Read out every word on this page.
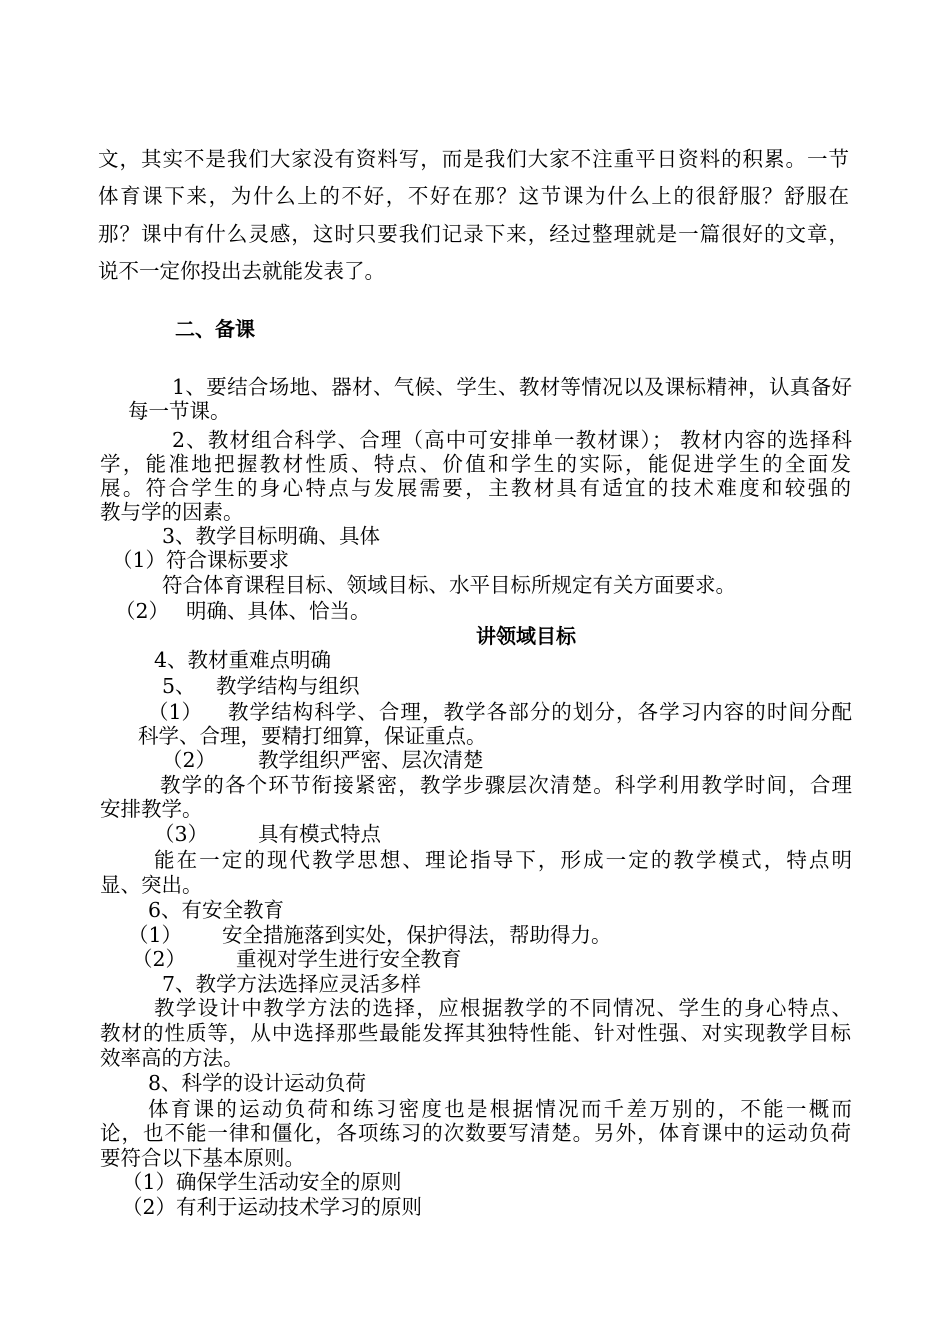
文，其实不是我们大家没有资料写，而是我们大家不注重平日资料的积累。一节
体育课下来，为什么上的不好，不好在那？这节课为什么上的很舒服？舒服在
那？课中有什么灵感，这时只要我们记录下来，经过整理就是一篇很好的文章，
说不一定你投出去就能发表了。
二、备课
1、要结合场地、器材、气候、学生、教材等情况以及课标精神，认真备好
每一节课。
2、教材组合科学、合理（高中可安排单一教材课）； 教材内容的选择科
学，能准地把握教材性质、特点、价值和学生的实际，能促进学生的全面发
展。符合学生的身心特点与发展需要，主教材具有适宜的技术难度和较强的
教与学的因素。
3、教学目标明确、具体
（1）符合课标要求
符合体育课程目标、领域目标、水平目标所规定有关方面要求。
（2） 明确、具体、恰当。
讲领域目标
4、教材重难点明确
5、 教学结构与组织
（1） 教学结构科学、合理，教学各部分的划分，各学习内容的时间分配
科学、合理，要精打细算，保证重点。
（2） 教学组织严密、层次清楚
教学的各个环节衔接紧密，教学步骤层次清楚。科学利用教学时间，合理
安排教学。
（3） 具有模式特点
能在一定的现代教学思想、理论指导下，形成一定的教学模式，特点明
显、突出。
6、有安全教育
（1） 安全措施落到实处，保护得法，帮助得力。
（2） 重视对学生进行安全教育
7、教学方法选择应灵活多样
教学设计中教学方法的选择，应根据教学的不同情况、学生的身心特点、
教材的性质等，从中选择那些最能发挥其独特性能、针对性强、对实现教学目标
效率高的方法。
8、科学的设计运动负荷
体育课的运动负荷和练习密度也是根据情况而千差万别的，不能一概而
论，也不能一律和僵化，各项练习的次数要写清楚。另外，体育课中的运动负荷
要符合以下基本原则。
（1）确保学生活动安全的原则
（2）有利于运动技术学习的原则
